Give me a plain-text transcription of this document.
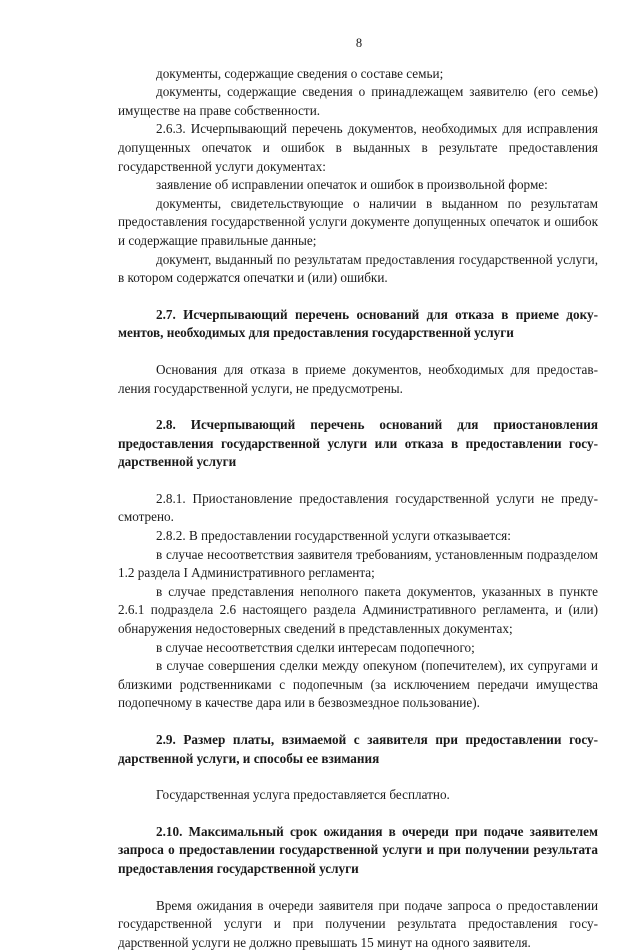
8

документы, содержащие сведения о составе семьи;

документы, содержащие сведения о принадлежащем заявителю (его семье) имуществе на праве собственности.

2.6.3. Исчерпывающий перечень документов, необходимых для исправления допущенных опечаток и ошибок в выданных в результате предоставления государственной услуги документах:

заявление об исправлении опечаток и ошибок в произвольной форме:

документы, свидетельствующие о наличии в выданном по результатам предоставления государственной услуги документе допущенных опечаток и ошибок и содержащие правильные данные;

документ, выданный по результатам предоставления государственной услуги, в котором содержатся опечатки и (или) ошибки.

2.7. Исчерпывающий перечень оснований для отказа в приеме документов, необходимых для предоставления государственной услуги

Основания для отказа в приеме документов, необходимых для предоставления государственной услуги, не предусмотрены.

2.8. Исчерпывающий перечень оснований для приостановления предоставления государственной услуги или отказа в предоставлении государственной услуги

2.8.1. Приостановление предоставления государственной услуги не предусмотрено.

2.8.2. В предоставлении государственной услуги отказывается:

в случае несоответствия заявителя требованиям, установленным подразделом 1.2 раздела I Административного регламента;

в случае представления неполного пакета документов, указанных в пункте 2.6.1 подраздела 2.6 настоящего раздела Административного регламента, и (или) обнаружения недостоверных сведений в представленных документах;

в случае несоответствия сделки интересам подопечного;

в случае совершения сделки между опекуном (попечителем), их супругами и близкими родственниками с подопечным (за исключением передачи имущества подопечному в качестве дара или в безвозмездное пользование).

2.9. Размер платы, взимаемой с заявителя при предоставлении государственной услуги, и способы ее взимания

Государственная услуга предоставляется бесплатно.

2.10. Максимальный срок ожидания в очереди при подаче заявителем запроса о предоставлении государственной услуги и при получении результата предоставления государственной услуги

Время ожидания в очереди заявителя при подаче запроса о предоставлении государственной услуги и при получении результата предоставления государственной услуги не должно превышать 15 минут на одного заявителя.
